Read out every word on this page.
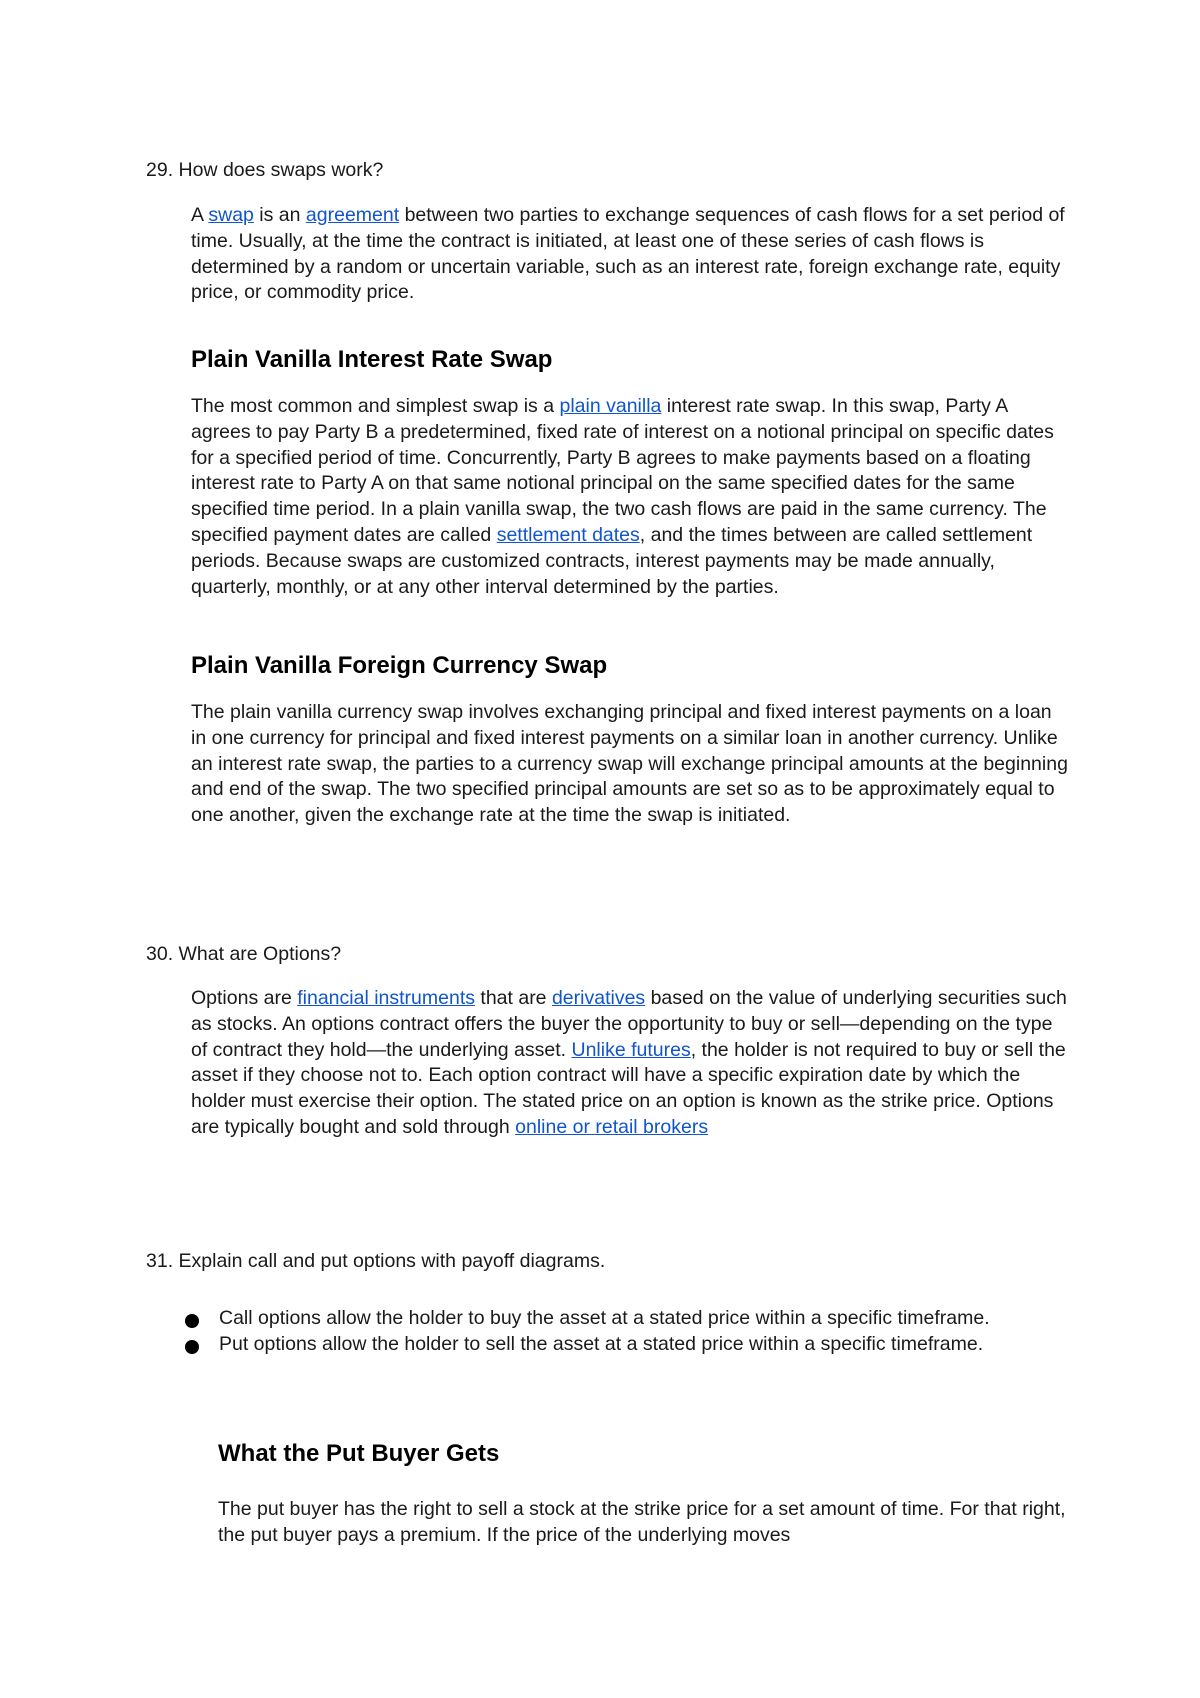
29. How does swaps work?

A swap is an agreement between two parties to exchange sequences of cash flows for a set period of time. Usually, at the time the contract is initiated, at least one of these series of cash flows is determined by a random or uncertain variable, such as an interest rate, foreign exchange rate, equity price, or commodity price.

Plain Vanilla Interest Rate Swap

The most common and simplest swap is a plain vanilla interest rate swap. In this swap, Party A agrees to pay Party B a predetermined, fixed rate of interest on a notional principal on specific dates for a specified period of time. Concurrently, Party B agrees to make payments based on a floating interest rate to Party A on that same notional principal on the same specified dates for the same specified time period. In a plain vanilla swap, the two cash flows are paid in the same currency. The specified payment dates are called settlement dates, and the times between are called settlement periods. Because swaps are customized contracts, interest payments may be made annually, quarterly, monthly, or at any other interval determined by the parties.

Plain Vanilla Foreign Currency Swap

The plain vanilla currency swap involves exchanging principal and fixed interest payments on a loan in one currency for principal and fixed interest payments on a similar loan in another currency. Unlike an interest rate swap, the parties to a currency swap will exchange principal amounts at the beginning and end of the swap. The two specified principal amounts are set so as to be approximately equal to one another, given the exchange rate at the time the swap is initiated.

30. What are Options?

Options are financial instruments that are derivatives based on the value of underlying securities such as stocks. An options contract offers the buyer the opportunity to buy or sell—depending on the type of contract they hold—the underlying asset. Unlike futures, the holder is not required to buy or sell the asset if they choose not to. Each option contract will have a specific expiration date by which the holder must exercise their option. The stated price on an option is known as the strike price. Options are typically bought and sold through online or retail brokers

31. Explain call and put options with payoff diagrams.
Call options allow the holder to buy the asset at a stated price within a specific timeframe.
Put options allow the holder to sell the asset at a stated price within a specific timeframe.
What the Put Buyer Gets

The put buyer has the right to sell a stock at the strike price for a set amount of time. For that right, the put buyer pays a premium. If the price of the underlying moves
